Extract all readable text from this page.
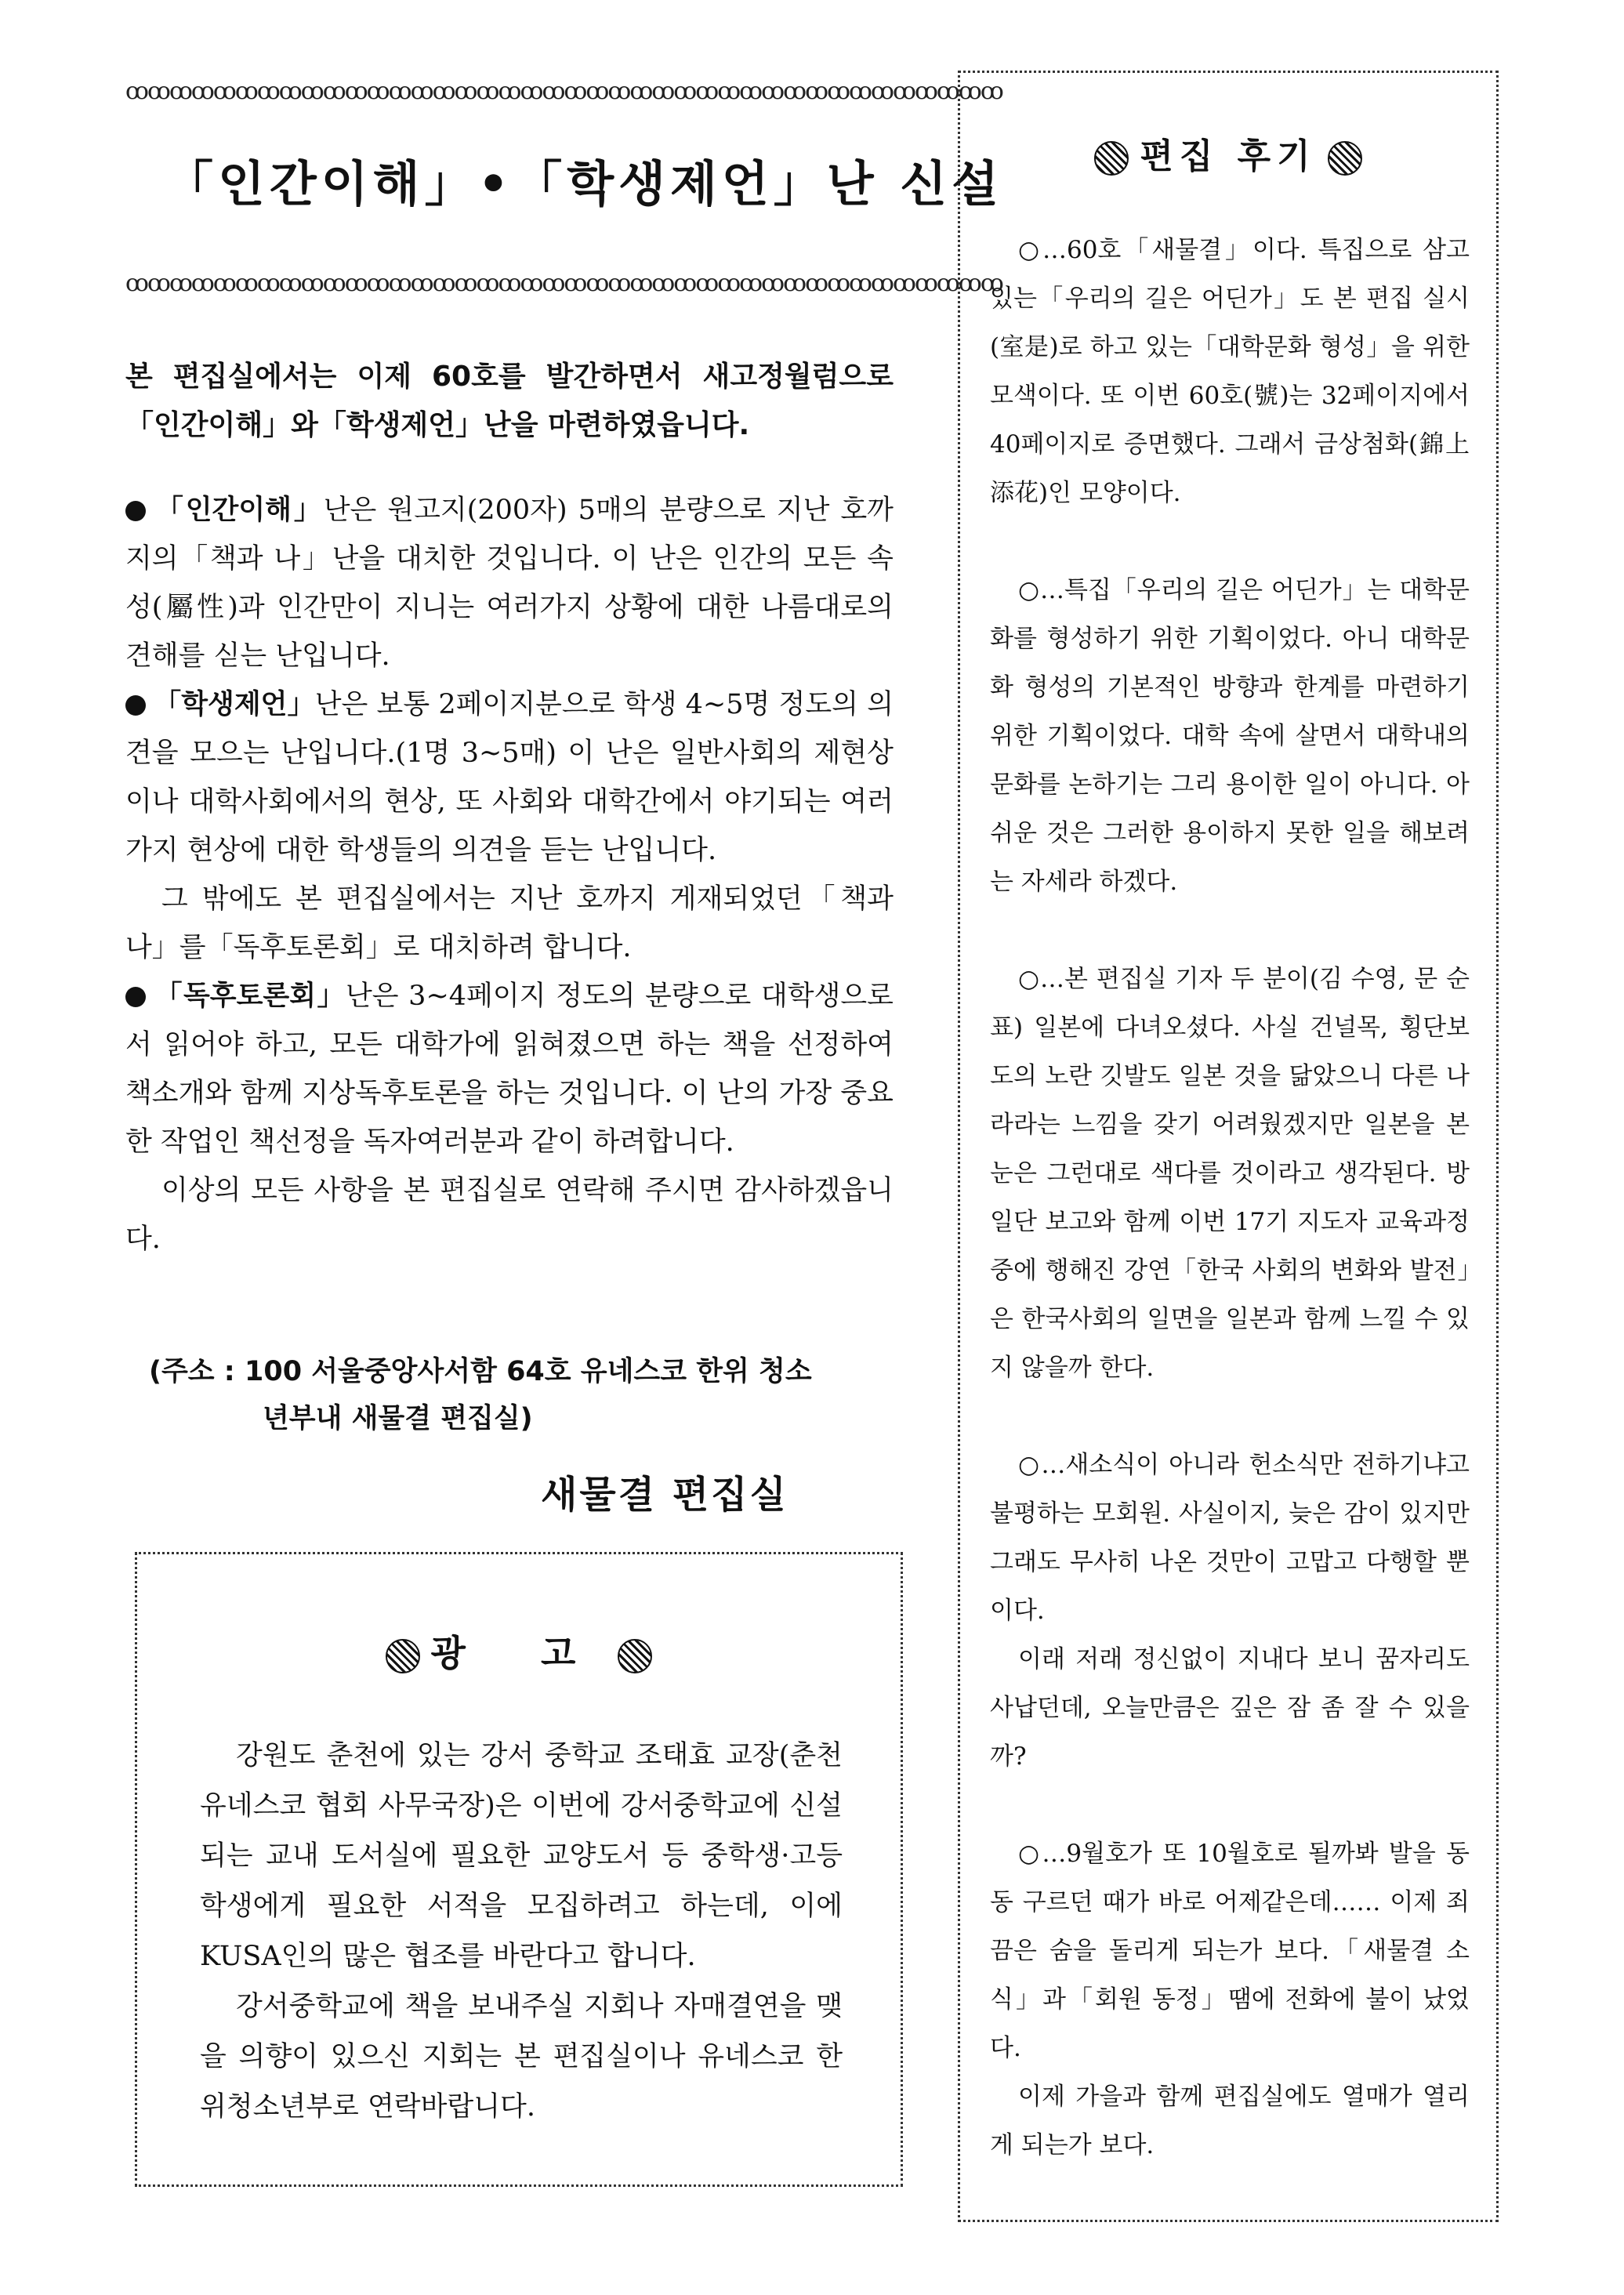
ꝏꝏꝏꝏꝏꝏꝏꝏꝏꝏꝏꝏꝏꝏꝏꝏꝏꝏꝏꝏꝏꝏꝏꝏꝏꝏꝏꝏꝏꝏꝏꝏꝏꝏꝏꝏꝏꝏꝏꝏ
「인간이해」•「학생제언」난 신설
ꝏꝏꝏꝏꝏꝏꝏꝏꝏꝏꝏꝏꝏꝏꝏꝏꝏꝏꝏꝏꝏꝏꝏꝏꝏꝏꝏꝏꝏꝏꝏꝏꝏꝏꝏꝏꝏꝏꝏꝏ
본 편집실에서는 이제 60호를 발간하면서 새고정월럼으로「인간이해」와「학생제언」난을 마련하였읍니다.

「인간이해」난은 원고지(200자) 5매의 분량으로 지난 호까지의「책과 나」난을 대치한 것입니다. 이 난은 인간의 모든 속성(屬性)과 인간만이 지니는 여러가지 상황에 대한 나름대로의 견해를 싣는 난입니다.

「학생제언」난은 보통 2페이지분으로 학생 4~5명 정도의 의견을 모으는 난입니다.(1명 3~5매) 이 난은 일반사회의 제현상이나 대학사회에서의 현상, 또 사회와 대학간에서 야기되는 여러가지 현상에 대한 학생들의 의견을 듣는 난입니다.

그 밖에도 본 편집실에서는 지난 호까지 게재되었던「책과 나」를「독후토론회」로 대치하려 합니다.

「독후토론회」난은 3~4페이지 정도의 분량으로 대학생으로서 읽어야 하고, 모든 대학가에 읽혀졌으면 하는 책을 선정하여 책소개와 함께 지상독후토론을 하는 것입니다. 이 난의 가장 중요한 작업인 책선정을 독자여러분과 같이 하려합니다.

이상의 모든 사항을 본 편집실로 연락해 주시면 감사하겠읍니다.

(주소 : 100 서울중앙사서함 64호 유네스코 한위 청소
년부내 새물결 편집실)
새물결 편집실
광 고

강원도 춘천에 있는 강서 중학교 조태효 교장(춘천 유네스코 협회 사무국장)은 이번에 강서중학교에 신설되는 교내 도서실에 필요한 교양도서 등 중학생·고등학생에게 필요한 서적을 모집하려고 하는데, 이에 KUSA인의 많은 협조를 바란다고 합니다.

강서중학교에 책을 보내주실 지회나 자매결연을 맺을 의향이 있으신 지회는 본 편집실이나 유네스코 한위청소년부로 연락바랍니다.

편집 후기

○…60호「새물결」이다. 특집으로 삼고있는「우리의 길은 어딘가」도 본 편집 실시(室是)로 하고 있는「대학문화 형성」을 위한 모색이다. 또 이번 60호(號)는 32페이지에서 40페이지로 증면했다. 그래서 금상첨화(錦上添花)인 모양이다.

○…특집「우리의 길은 어딘가」는 대학문화를 형성하기 위한 기획이었다. 아니 대학문화 형성의 기본적인 방향과 한계를 마련하기 위한 기획이었다. 대학 속에 살면서 대학내의 문화를 논하기는 그리 용이한 일이 아니다. 아쉬운 것은 그러한 용이하지 못한 일을 해보려는 자세라 하겠다.

○…본 편집실 기자 두 분이(김 수영, 문 순표) 일본에 다녀오셨다. 사실 건널목, 횡단보도의 노란 깃발도 일본 것을 닮았으니 다른 나라라는 느낌을 갖기 어려웠겠지만 일본을 본 눈은 그런대로 색다를 것이라고 생각된다. 방일단 보고와 함께 이번 17기 지도자 교육과정 중에 행해진 강연「한국 사회의 변화와 발전」은 한국사회의 일면을 일본과 함께 느낄 수 있지 않을까 한다.

○…새소식이 아니라 헌소식만 전하기냐고 불평하는 모회원. 사실이지, 늦은 감이 있지만 그래도 무사히 나온 것만이 고맙고 다행할 뿐이다.

이래 저래 정신없이 지내다 보니 꿈자리도 사납던데, 오늘만큼은 깊은 잠 좀 잘 수 있을까?

○…9월호가 또 10월호로 될까봐 발을 동동 구르던 때가 바로 어제같은데…… 이제 죄끔은 숨을 돌리게 되는가 보다.「새물결 소식」과「회원 동정」땜에 전화에 불이 났었다.

이제 가을과 함께 편집실에도 열매가 열리게 되는가 보다.
